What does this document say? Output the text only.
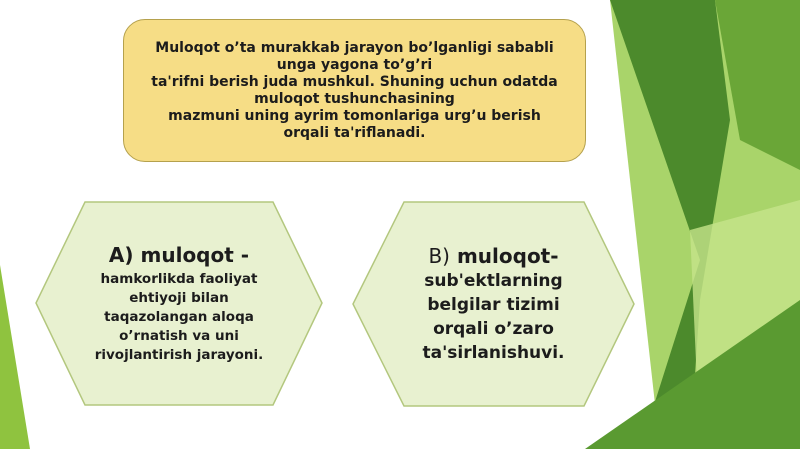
Muloqot o’ta murakkab jarayon bo’lganligi sababli
unga yagona to’g’ri
ta'rifni berish juda mushkul. Shuning uchun odatda
muloqot tushunchasining
mazmuni uning ayrim tomonlariga urg’u berish
orqali ta'riflanadi.
A) muloqot -
hamkorlikda faoliyat
ehtiyoji bilan
taqazolangan aloqa
o’rnatish va uni
rivojlantirish jarayoni.
B) muloqot-
sub'ektlarning
belgilar tizimi
orqali o’zaro
ta'sirlanishuvi.
